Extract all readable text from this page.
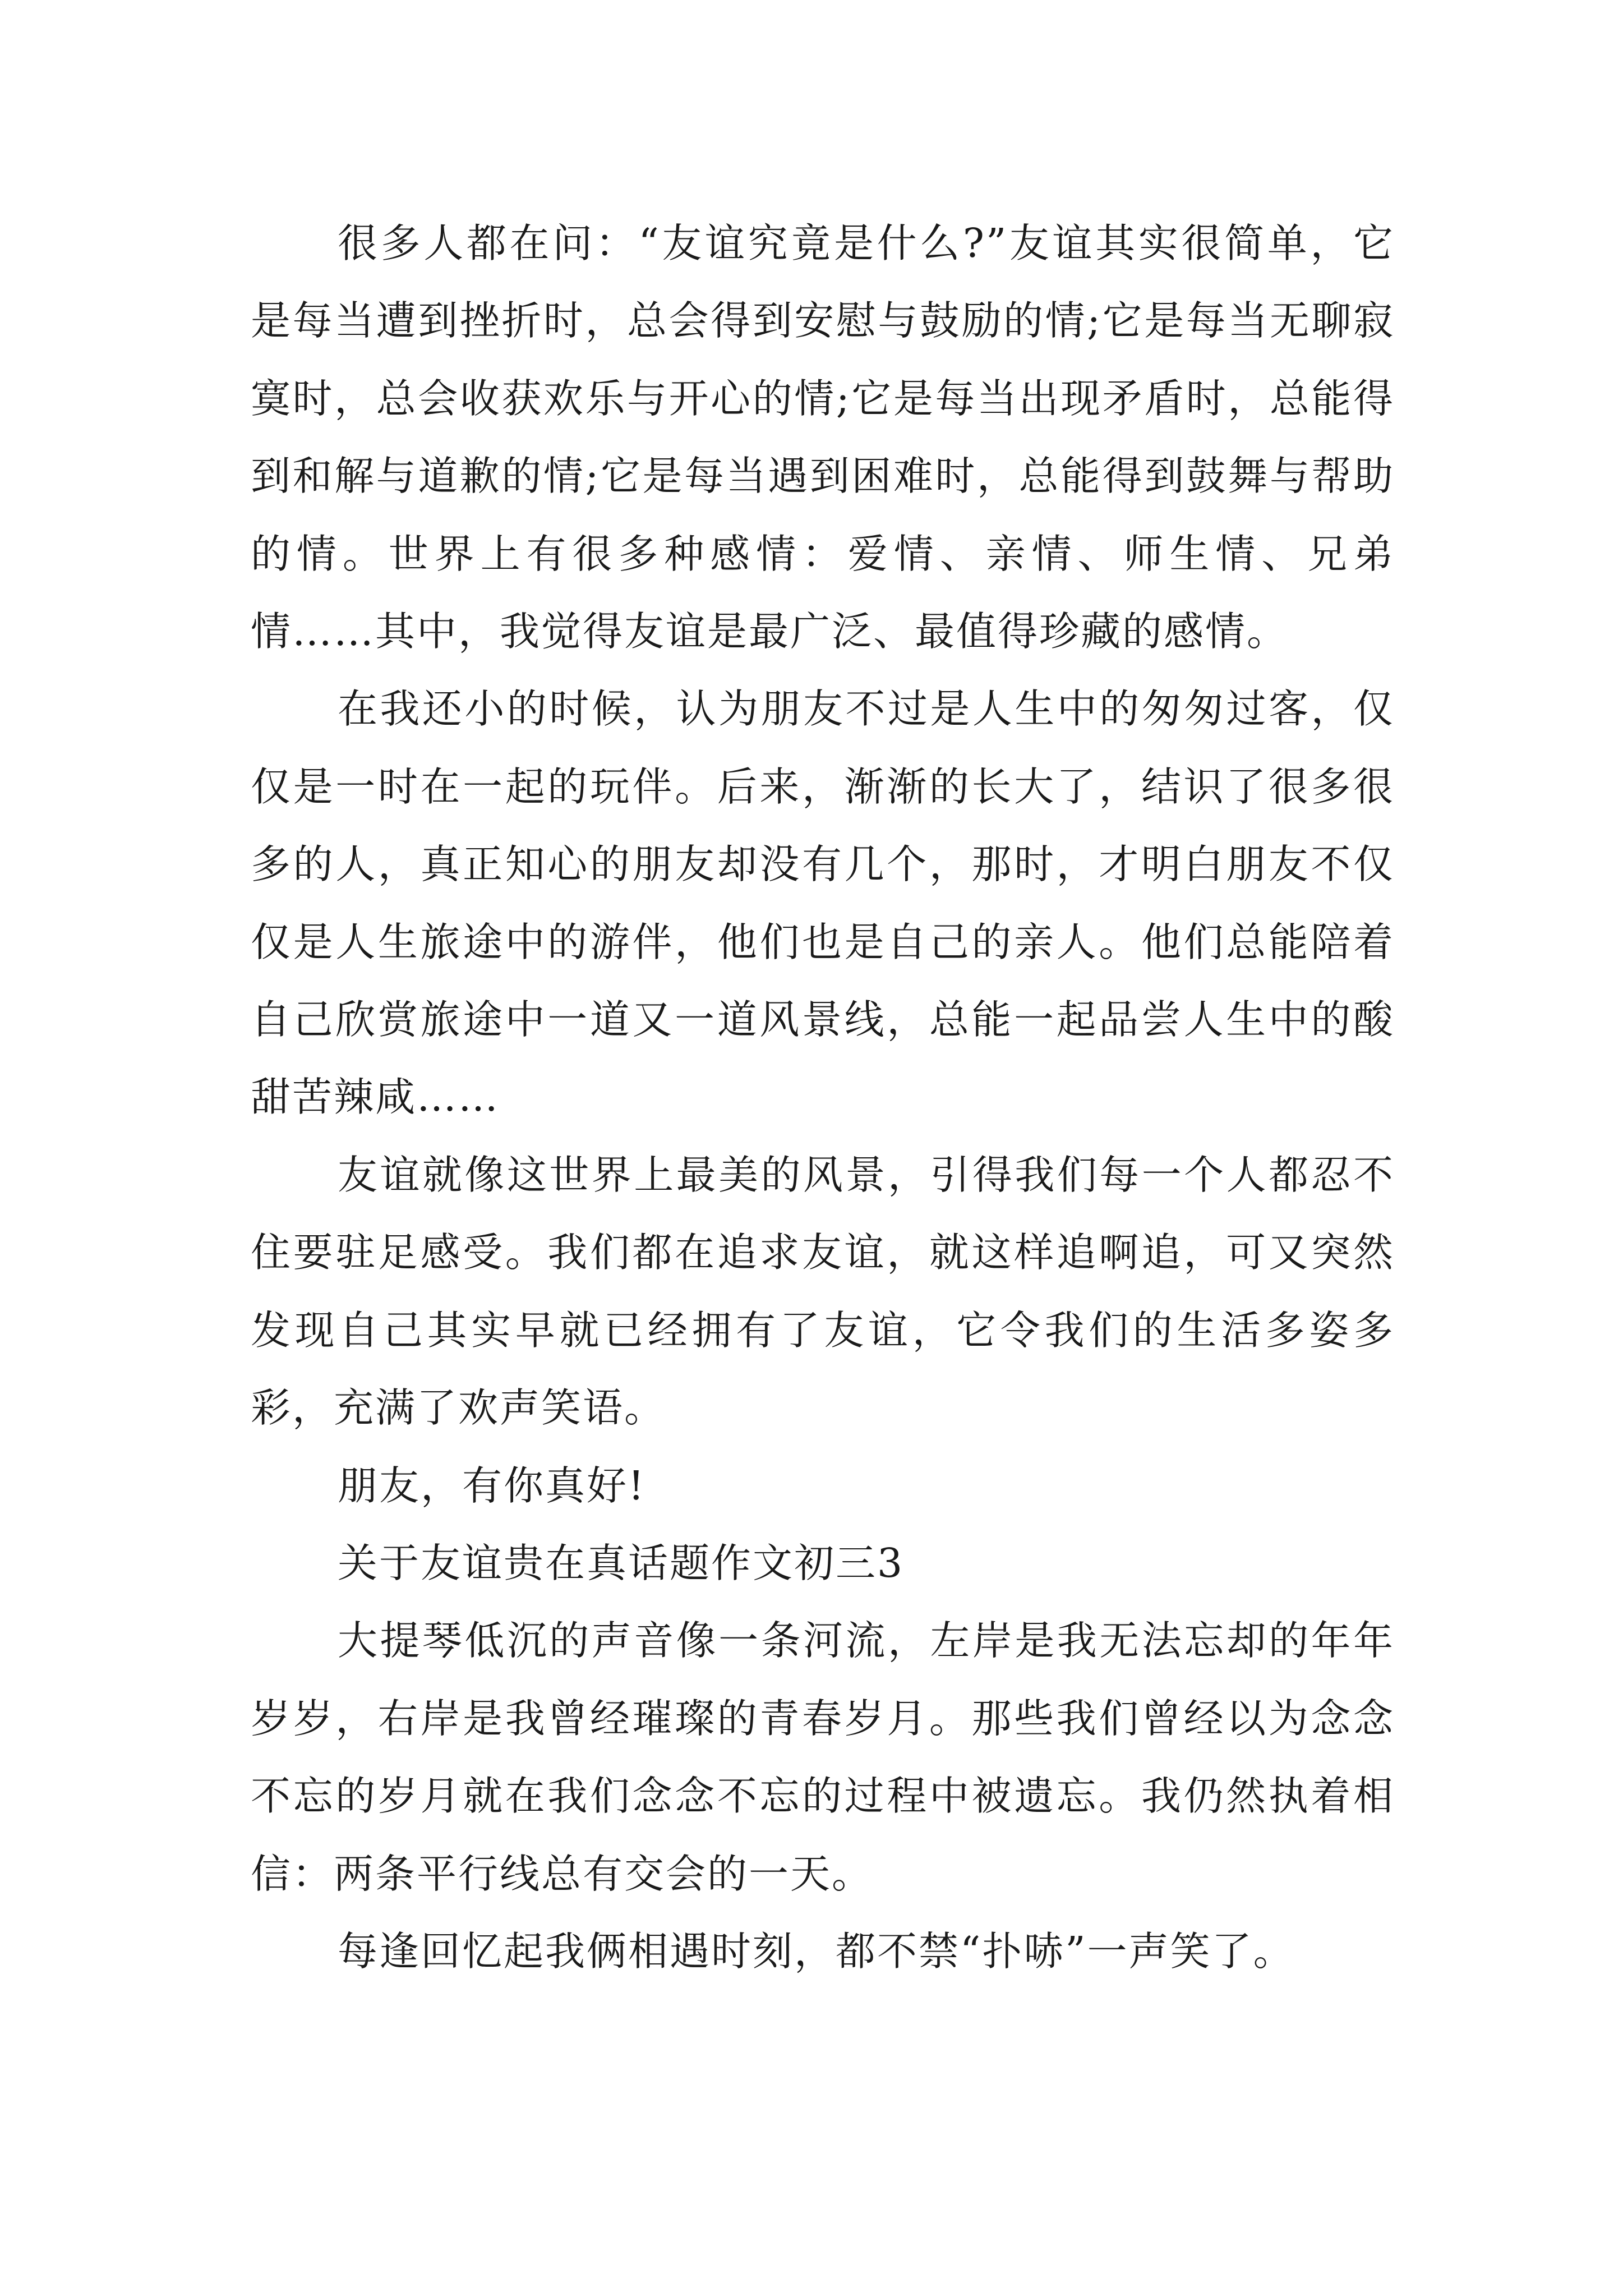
很多人都在问：“友谊究竟是什么?”友谊其实很简单，它是每当遭到挫折时，总会得到安慰与鼓励的情;它是每当无聊寂寞时，总会收获欢乐与开心的情;它是每当出现矛盾时，总能得到和解与道歉的情;它是每当遇到困难时，总能得到鼓舞与帮助的情。世界上有很多种感情：爱情、亲情、师生情、兄弟情……其中，我觉得友谊是最广泛、最值得珍藏的感情。

在我还小的时候，认为朋友不过是人生中的匆匆过客，仅仅是一时在一起的玩伴。后来，渐渐的长大了，结识了很多很多的人，真正知心的朋友却没有几个，那时，才明白朋友不仅仅是人生旅途中的游伴，他们也是自己的亲人。他们总能陪着自己欣赏旅途中一道又一道风景线，总能一起品尝人生中的酸甜苦辣咸……

友谊就像这世界上最美的风景，引得我们每一个人都忍不住要驻足感受。我们都在追求友谊，就这样追啊追，可又突然发现自己其实早就已经拥有了友谊，它令我们的生活多姿多彩，充满了欢声笑语。

朋友，有你真好!

关于友谊贵在真话题作文初三3

大提琴低沉的声音像一条河流，左岸是我无法忘却的年年岁岁，右岸是我曾经璀璨的青春岁月。那些我们曾经以为念念不忘的岁月就在我们念念不忘的过程中被遗忘。我仍然执着相信：两条平行线总有交会的一天。

每逢回忆起我俩相遇时刻，都不禁“扑哧”一声笑了。
